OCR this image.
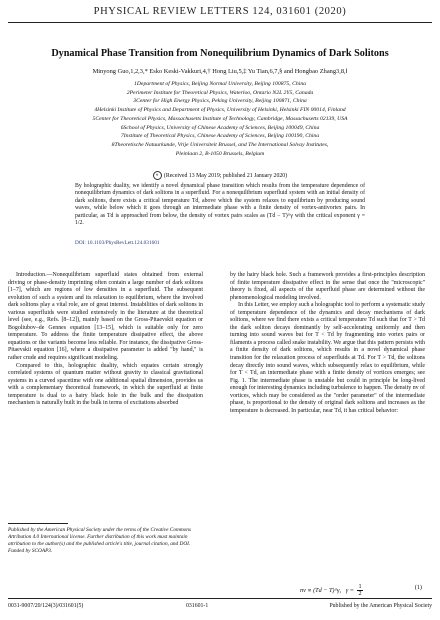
PHYSICAL REVIEW LETTERS 124, 031601 (2020)
Dynamical Phase Transition from Nonequilibrium Dynamics of Dark Solitons
Minyong Guo,1,2,3,* Esko Keski-Vakkuri,4,† Hong Liu,5,‡ Yu Tian,6,7,§ and Hongbao Zhang3,8,‖
1Department of Physics, Beijing Normal University, Beijing 100875, China
2Perimeter Institute for Theoretical Physics, Waterloo, Ontario N2L 2Y5, Canada
3Center for High Energy Physics, Peking University, Beijing 100871, China
4Helsinki Institute of Physics and Department of Physics, University of Helsinki, Helsinki FIN 00014, Finland
5Center for Theoretical Physics, Massachusetts Institute of Technology, Cambridge, Massachusetts 02139, USA
6School of Physics, University of Chinese Academy of Sciences, Beijing 100049, China
7Institute of Theoretical Physics, Chinese Academy of Sciences, Beijing 100190, China
8Theoretische Natuurkunde, Vrije Universiteit Brussel, and The International Solvay Institutes,
Pleinlaan 2, B-1050 Brussels, Belgium
◐ (Received 13 May 2019; published 21 January 2020)
By holographic duality, we identify a novel dynamical phase transition which results from the temperature dependence of nonequilibrium dynamics of dark solitons in a superfluid. For a nonequilibrium superfluid system with an initial density of dark solitons, there exists a critical temperature Td, above which the system relaxes to equilibrium by producing sound waves, while below which it goes through an intermediate phase with a finite density of vortex-antivortex pairs. In particular, as Td is approached from below, the density of vortex pairs scales as (Td − T)^γ with the critical exponent γ = 1/2.
DOI: 10.1103/PhysRevLett.124.031601

Introduction.—Nonequilibrium superfluid states obtained from external driving or phase-density imprinting often contain a large number of dark solitons [1–7], which are regions of low densities in a superfluid. The subsequent evolution of such a system and its relaxation to equilibrium, where the involved dark solitons play a vital role, are of great interest. Instabilities of dark solitons in various superfluids were studied extensively in the literature at the theoretical level (see, e.g., Refs. [8–12]), mainly based on the Gross-Pitaevskii equation or Bogoliubov–de Gennes equation [13–15], which is suitable only for zero temperature. To address the finite temperature dissipative effect, the above equations or the variants become less reliable. For instance, the dissipative Gross-Pitaevskii equation [16], where a dissipative parameter is added "by hand," is rather crude and requires significant modeling.

Compared to this, holographic duality, which equates certain strongly correlated systems of quantum matter without gravity to classical gravitational systems in a curved spacetime with one additional spatial dimension, provides us with a complementary theoretical framework, in which the superfluid at finite temperature is dual to a hairy black hole in the bulk and the dissipation mechanism is naturally built in the bulk in terms of excitations absorbed

by the hairy black hole. Such a framework provides a first-principles description of finite temperature dissipative effect in the sense that once the "microscopic" theory is fixed, all aspects of the superfluid phase are determined without the phenomenological modeling involved.

In this Letter, we employ such a holographic tool to perform a systematic study of temperature dependence of the dynamics and decay mechanisms of dark solitons, where we find there exists a critical temperature Td such that for T > Td the dark soliton decays dominantly by self-accelerating uniformly and then turning into sound waves but for T < Td by fragmenting into vortex pairs or filaments a process called snake instability. We argue that this pattern persists with a finite density of dark solitons, which results in a novel dynamical phase transition for the relaxation process of superfluids at Td. For T > Td, the solitons decay directly into sound waves, which subsequently relax to equilibrium, while for T < Td, an intermediate phase with a finite density of vortices emerges; see Fig. 1. The intermediate phase is unstable but could in principle be long-lived enough for interesting dynamics including turbulence to happen. The density nv of vortices, which may be considered as the "order parameter" of the intermediate phase, is proportional to the density of original dark solitons and increases as the temperature is decreased. In particular, near Td, it has critical behavior:

Published by the American Physical Society under the terms of the Creative Commons Attribution 4.0 International license. Further distribution of this work must maintain attribution to the author(s) and the published article's title, journal citation, and DOI. Funded by SCOAP3.
0031-9007/20/124(3)/031601(5)	031601-1	Published by the American Physical Society
nv ∝ (Td − T)^γ, $\gamma = \frac{1}{2}$	(1)
